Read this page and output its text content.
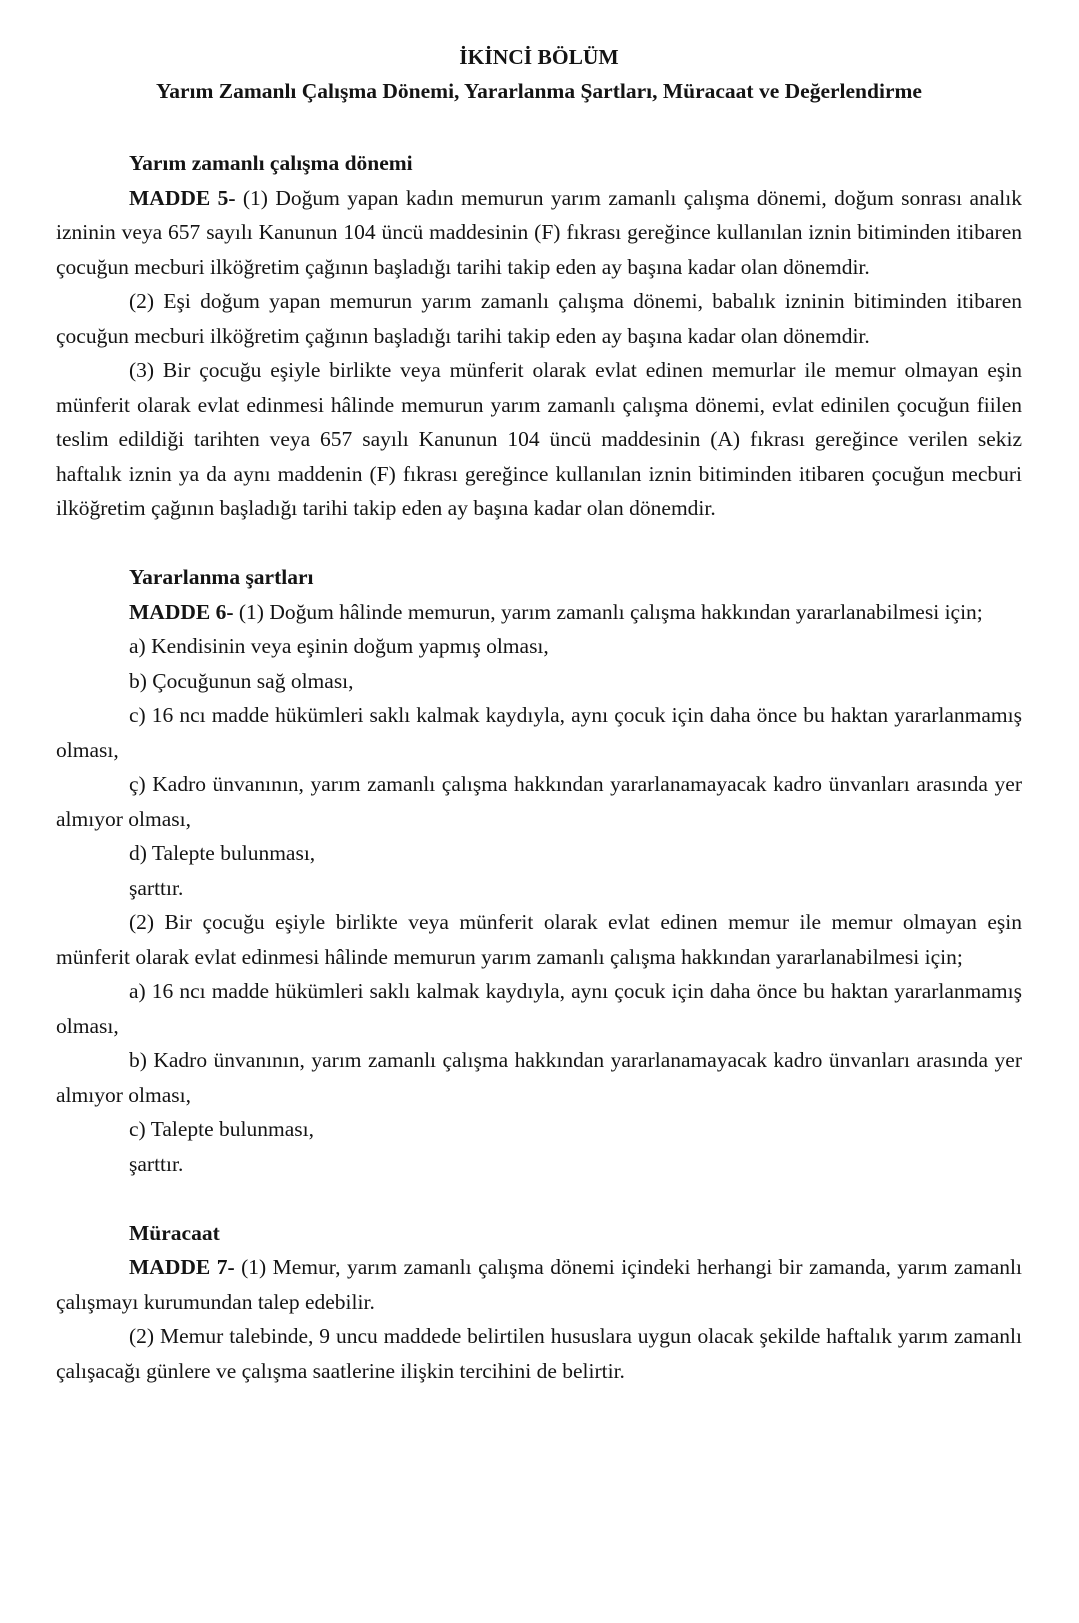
İKİNCİ BÖLÜM

Yarım Zamanlı Çalışma Dönemi, Yararlanma Şartları, Müracaat ve Değerlendirme

Yarım zamanlı çalışma dönemi

MADDE 5- (1) Doğum yapan kadın memurun yarım zamanlı çalışma dönemi, doğum sonrası analık izninin veya 657 sayılı Kanunun 104 üncü maddesinin (F) fıkrası gereğince kullanılan iznin bitiminden itibaren çocuğun mecburi ilköğretim çağının başladığı tarihi takip eden ay başına kadar olan dönemdir.

(2) Eşi doğum yapan memurun yarım zamanlı çalışma dönemi, babalık izninin bitiminden itibaren çocuğun mecburi ilköğretim çağının başladığı tarihi takip eden ay başına kadar olan dönemdir.

(3) Bir çocuğu eşiyle birlikte veya münferit olarak evlat edinen memurlar ile memur olmayan eşin münferit olarak evlat edinmesi hâlinde memurun yarım zamanlı çalışma dönemi, evlat edinilen çocuğun fiilen teslim edildiği tarihten veya 657 sayılı Kanunun 104 üncü maddesinin (A) fıkrası gereğince verilen sekiz haftalık iznin ya da aynı maddenin (F) fıkrası gereğince kullanılan iznin bitiminden itibaren çocuğun mecburi ilköğretim çağının başladığı tarihi takip eden ay başına kadar olan dönemdir.

Yararlanma şartları

MADDE 6- (1) Doğum hâlinde memurun, yarım zamanlı çalışma hakkından yararlanabilmesi için;

a) Kendisinin veya eşinin doğum yapmış olması,

b) Çocuğunun sağ olması,

c) 16 ncı madde hükümleri saklı kalmak kaydıyla, aynı çocuk için daha önce bu haktan yararlanmamış olması,

ç) Kadro ünvanının, yarım zamanlı çalışma hakkından yararlanamayacak kadro ünvanları arasında yer almıyor olması,

d) Talepte bulunması,

şarttır.

(2) Bir çocuğu eşiyle birlikte veya münferit olarak evlat edinen memur ile memur olmayan eşin münferit olarak evlat edinmesi hâlinde memurun yarım zamanlı çalışma hakkından yararlanabilmesi için;

a) 16 ncı madde hükümleri saklı kalmak kaydıyla, aynı çocuk için daha önce bu haktan yararlanmamış olması,

b) Kadro ünvanının, yarım zamanlı çalışma hakkından yararlanamayacak kadro ünvanları arasında yer almıyor olması,

c) Talepte bulunması,

şarttır.

Müracaat

MADDE 7- (1) Memur, yarım zamanlı çalışma dönemi içindeki herhangi bir zamanda, yarım zamanlı çalışmayı kurumundan talep edebilir.

(2) Memur talebinde, 9 uncu maddede belirtilen hususlara uygun olacak şekilde haftalık yarım zamanlı çalışacağı günlere ve çalışma saatlerine ilişkin tercihini de belirtir.
